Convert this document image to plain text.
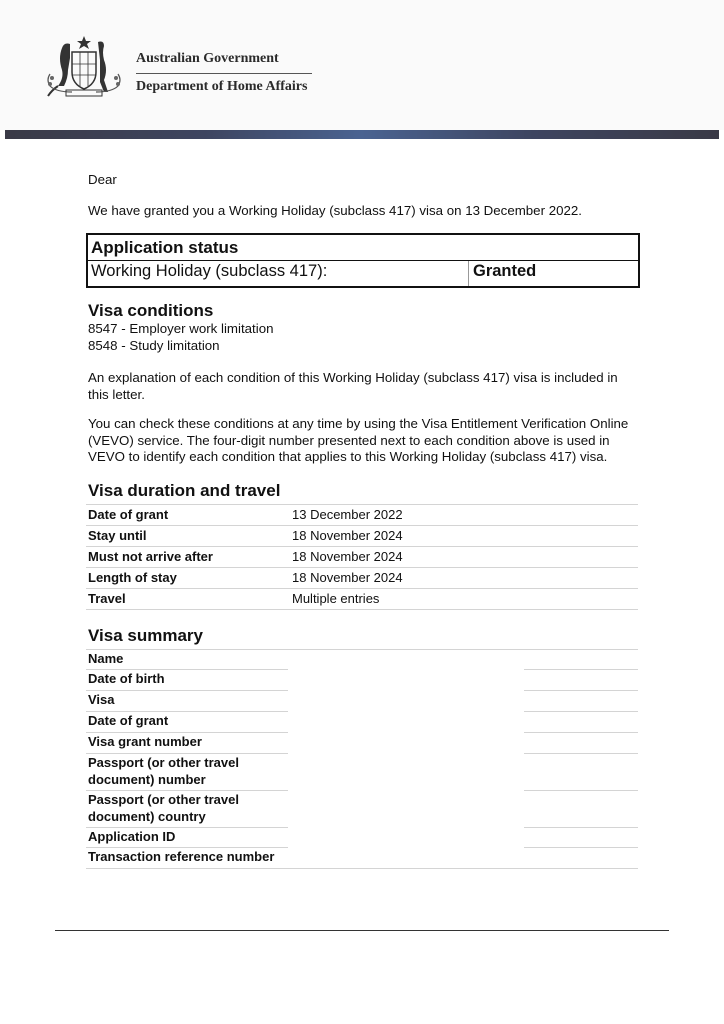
Australian Government
Department of Home Affairs
Dear
We have granted you a Working Holiday (subclass 417) visa on 13 December 2022.
Application status
Working Holiday (subclass 417):	Granted
Visa conditions
8547 - Employer work limitation
8548 - Study limitation
An explanation of each condition of this Working Holiday (subclass 417) visa is included in this letter.
You can check these conditions at any time by using the Visa Entitlement Verification Online (VEVO) service. The four-digit number presented next to each condition above is used in VEVO to identify each condition that applies to this Working Holiday (subclass 417) visa.
Visa duration and travel
Date of grant	13 December 2022
Stay until	18 November 2024
Must not arrive after	18 November 2024
Length of stay	18 November 2024
Travel	Multiple entries
Visa summary
Name
Date of birth
Visa
Date of grant
Visa grant number
Passport (or other travel document) number
Passport (or other travel document) country
Application ID
Transaction reference number
